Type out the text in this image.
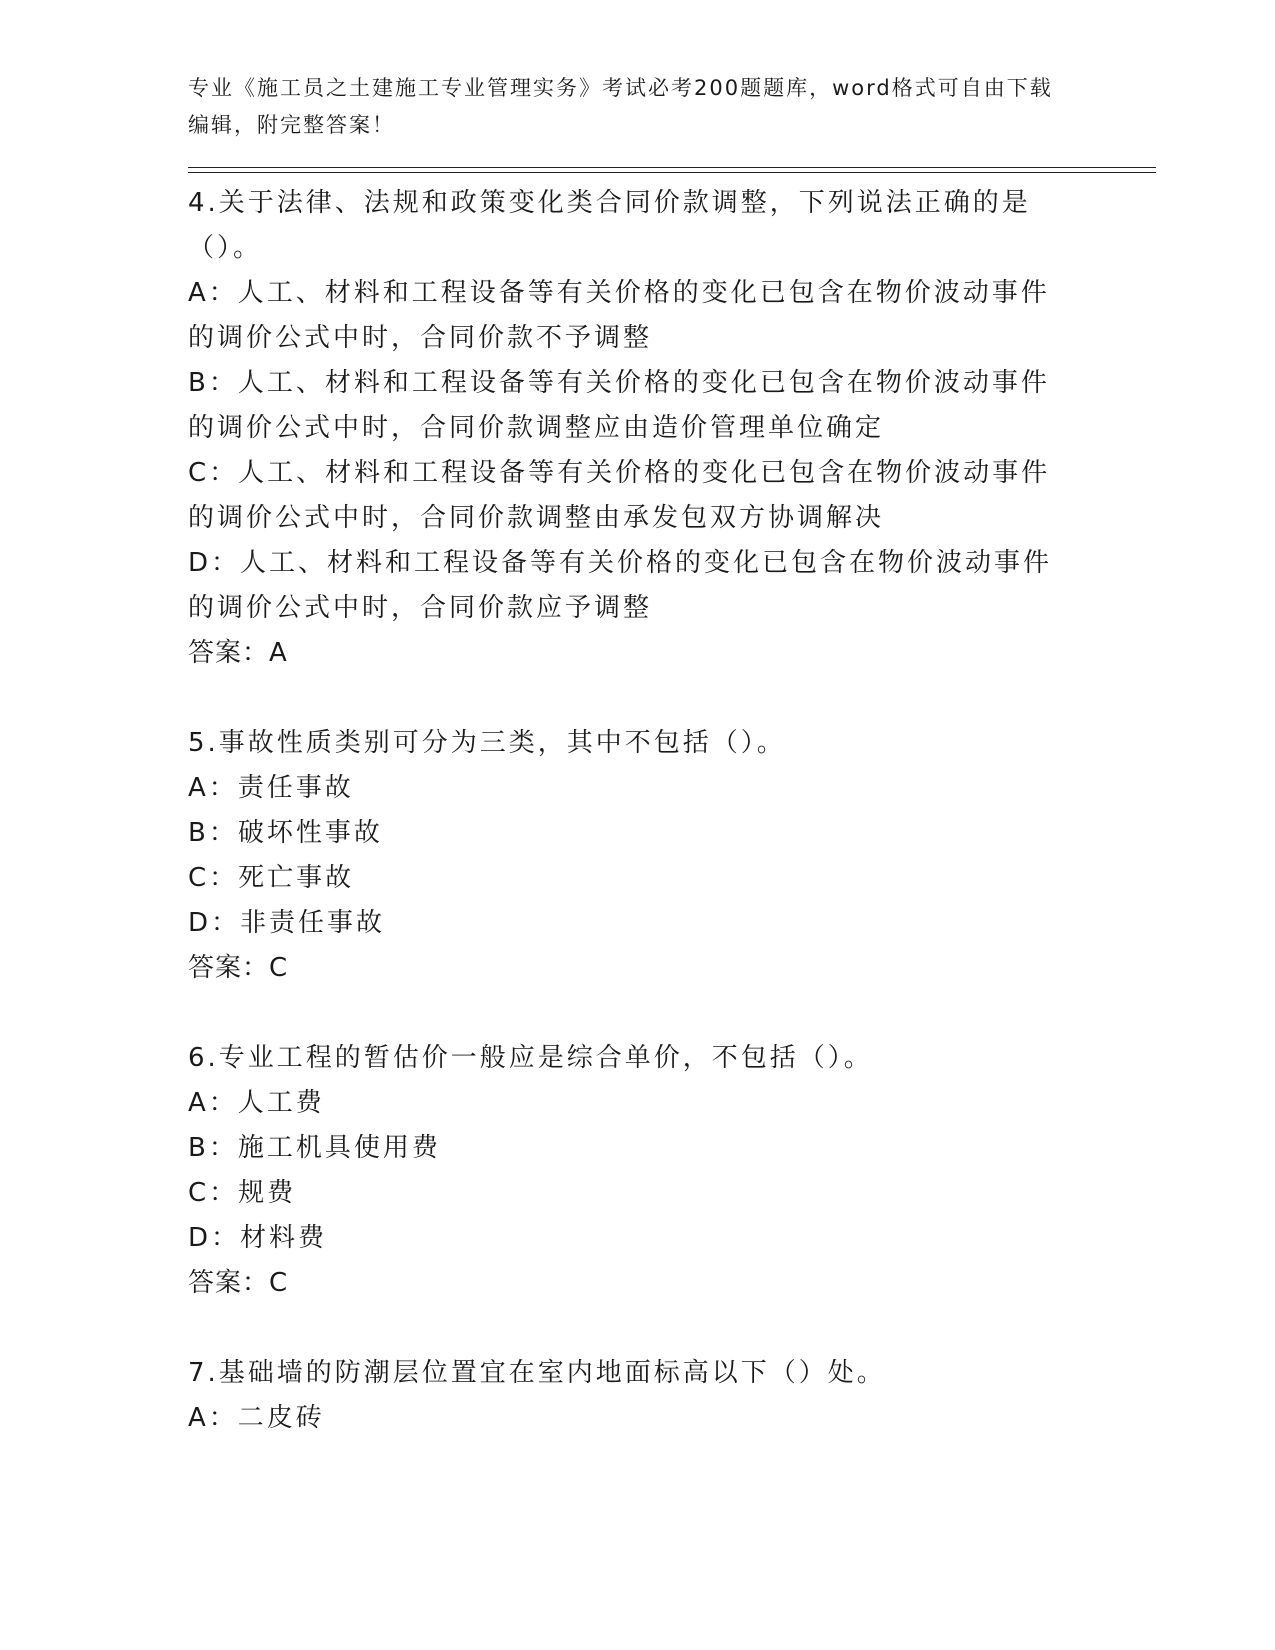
专业《施工员之土建施工专业管理实务》考试必考200题题库，word格式可自由下载编辑，附完整答案！

4.关于法律、法规和政策变化类合同价款调整，下列说法正确的是（）。

A：人工、材料和工程设备等有关价格的变化已包含在物价波动事件的调价公式中时，合同价款不予调整
B：人工、材料和工程设备等有关价格的变化已包含在物价波动事件的调价公式中时，合同价款调整应由造价管理单位确定
C：人工、材料和工程设备等有关价格的变化已包含在物价波动事件的调价公式中时，合同价款调整由承发包双方协调解决
D：人工、材料和工程设备等有关价格的变化已包含在物价波动事件的调价公式中时，合同价款应予调整

答案：A

5.事故性质类别可分为三类，其中不包括（）。

A：责任事故
B：破坏性事故
C：死亡事故
D：非责任事故

答案：C

6.专业工程的暂估价一般应是综合单价，不包括（）。

A：人工费
B：施工机具使用费
C：规费
D：材料费

答案：C

7.基础墙的防潮层位置宜在室内地面标高以下（）处。

A：二皮砖
